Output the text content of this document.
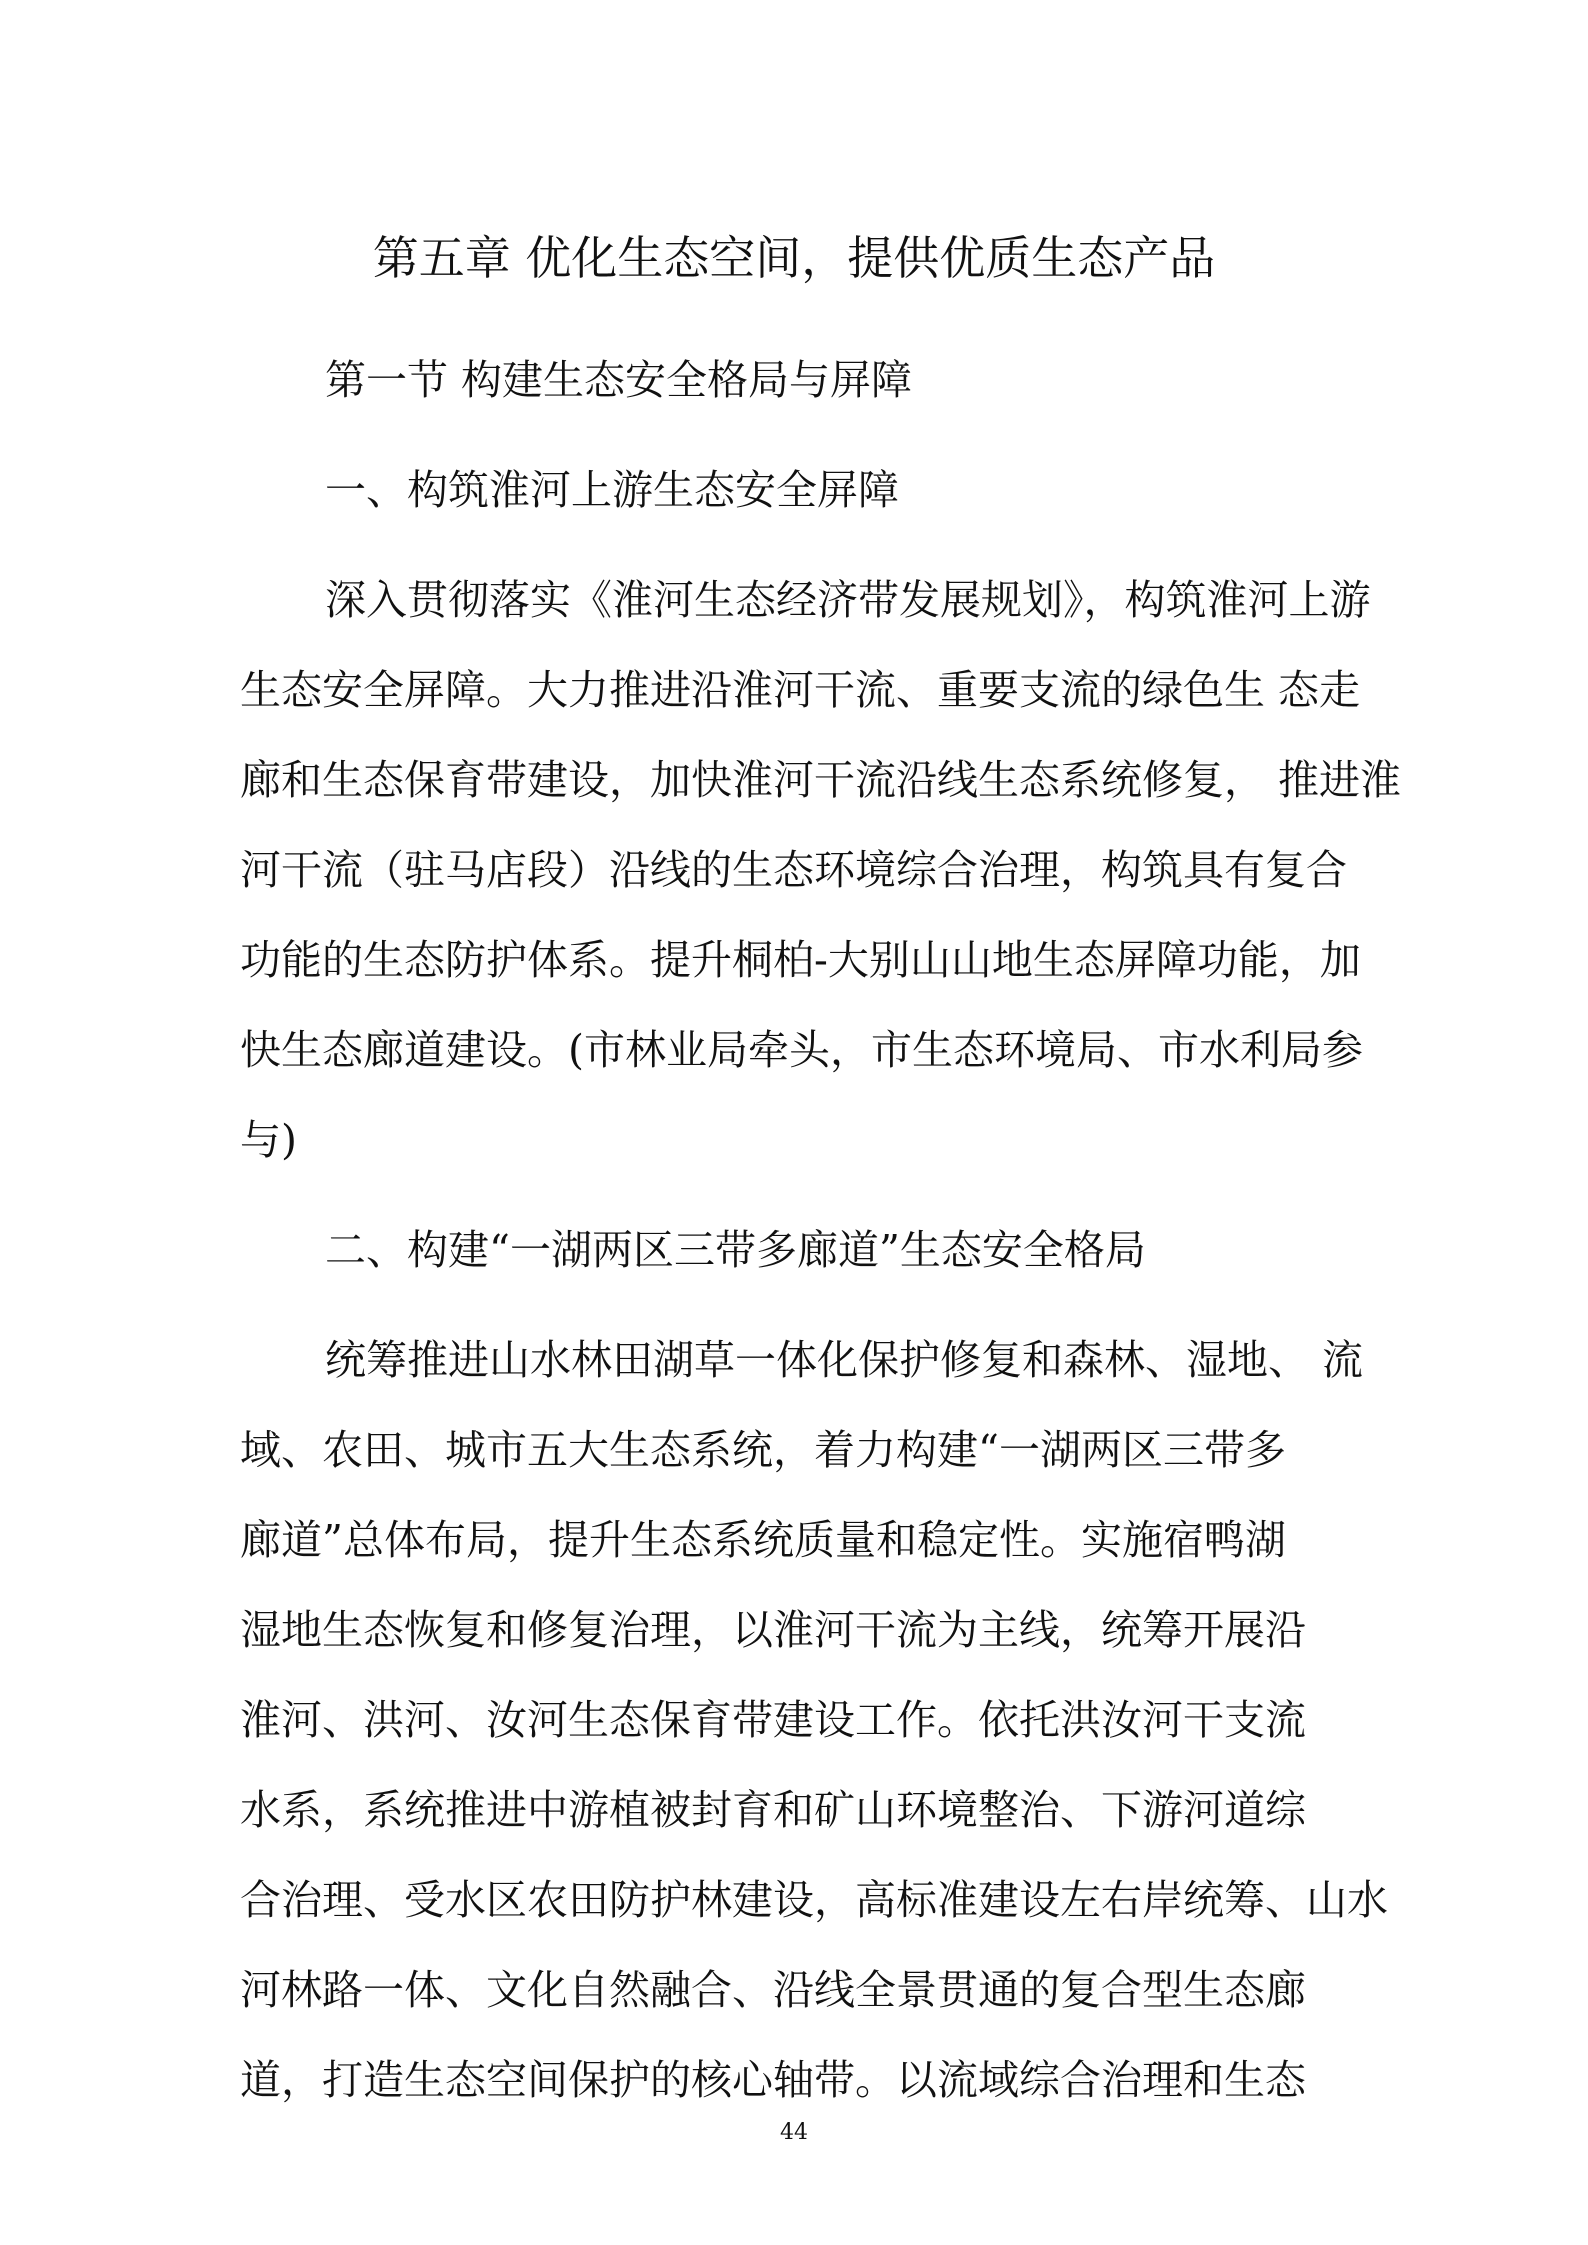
第五章 优化生态空间，提供优质生态产品
第一节 构建生态安全格局与屏障
一、构筑淮河上游生态安全屏障
深入贯彻落实《淮河生态经济带发展规划》，构筑淮河上游
生态安全屏障。大力推进沿淮河干流、重要支流的绿色生 态走
廊和生态保育带建设，加快淮河干流沿线生态系统修复， 推进淮
河干流（驻马店段）沿线的生态环境综合治理，构筑具有复合
功能的生态防护体系。提升桐柏-大别山山地生态屏障功能，加
快生态廊道建设。(市林业局牵头，市生态环境局、市水利局参
与)
二、构建“一湖两区三带多廊道”生态安全格局
统筹推进山水林田湖草一体化保护修复和森林、湿地、 流
域、农田、城市五大生态系统，着力构建“一湖两区三带多
廊道”总体布局，提升生态系统质量和稳定性。实施宿鸭湖
湿地生态恢复和修复治理，以淮河干流为主线，统筹开展沿
淮河、洪河、汝河生态保育带建设工作。依托洪汝河干支流
水系，系统推进中游植被封育和矿山环境整治、下游河道综
合治理、受水区农田防护林建设，高标准建设左右岸统筹、山水
河林路一体、文化自然融合、沿线全景贯通的复合型生态廊
道，打造生态空间保护的核心轴带。以流域综合治理和生态
44
